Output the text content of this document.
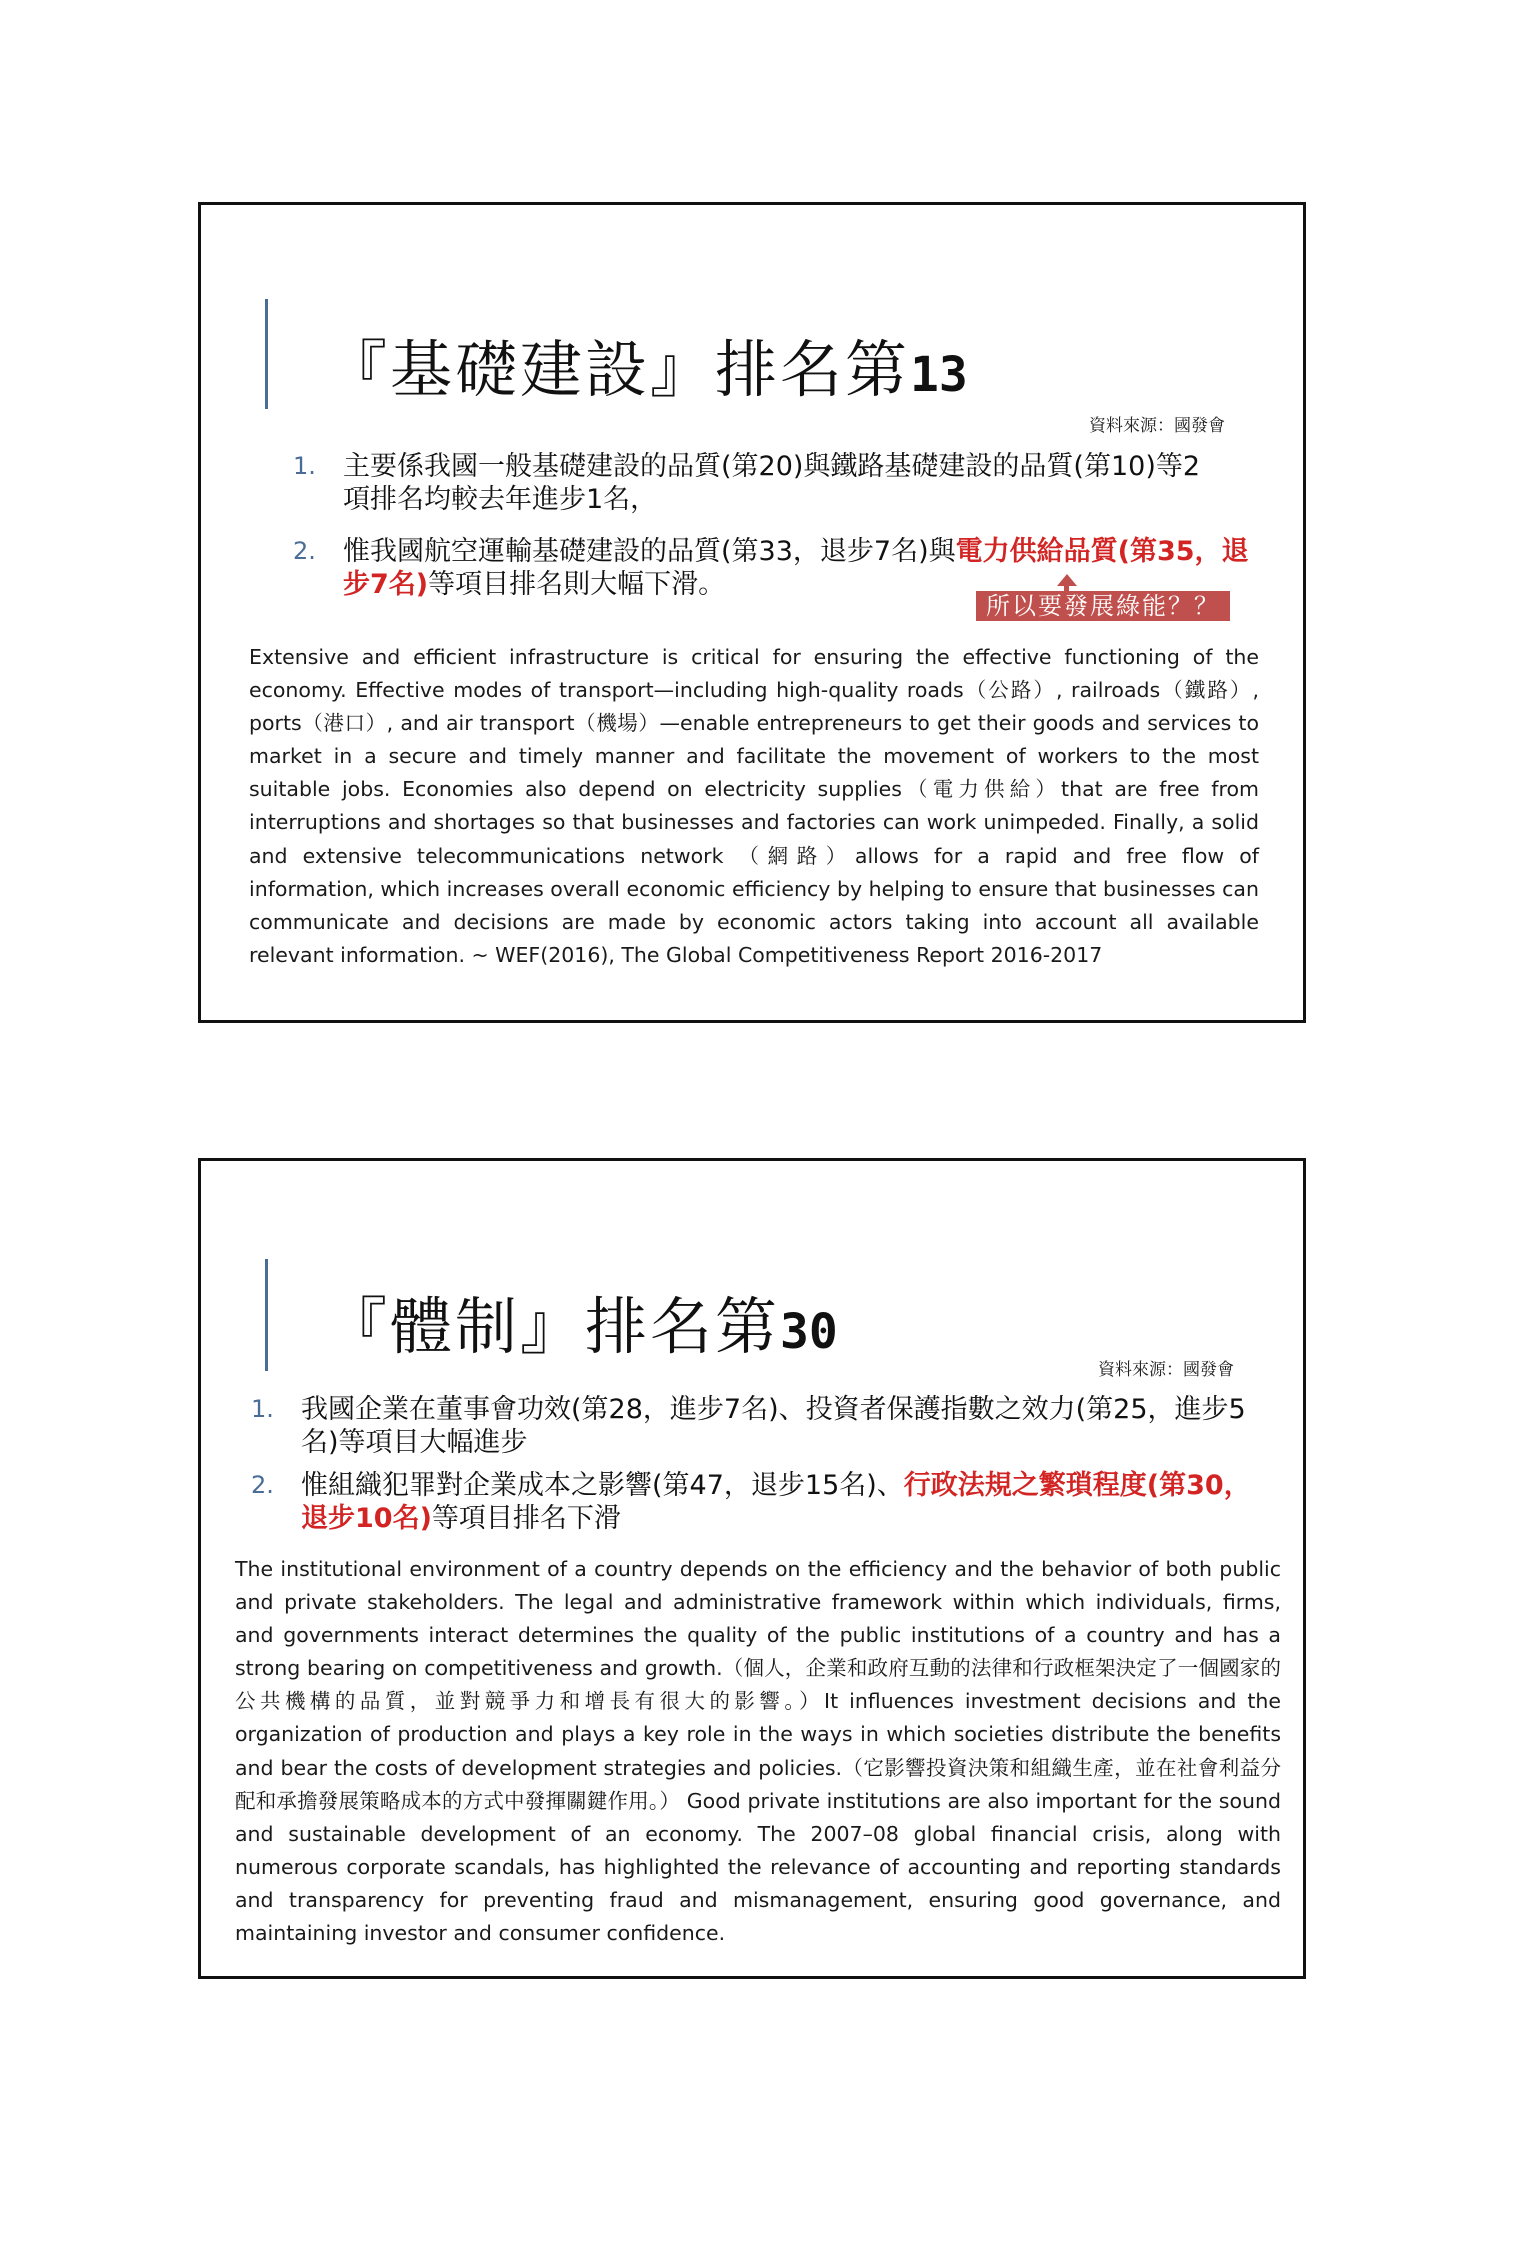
『基礎建設』排名第13
資料來源：國發會
1. 主要係我國一般基礎建設的品質(第20)與鐵路基礎建設的品質(第10)等2項排名均較去年進步1名，
2. 惟我國航空運輸基礎建設的品質(第33，退步7名)與電力供給品質(第35，退步7名)等項目排名則大幅下滑。
所以要發展綠能？？
Extensive and efficient infrastructure is critical for ensuring the effective functioning of the economy. Effective modes of transport—including high-quality roads（公路）, railroads（鐵路）, ports（港口）, and air transport（機場）—enable entrepreneurs to get their goods and services to market in a secure and timely manner and facilitate the movement of workers to the most suitable jobs. Economies also depend on electricity supplies（電力供給）that are free from interruptions and shortages so that businesses and factories can work unimpeded. Finally, a solid and extensive telecommunications network （網路）allows for a rapid and free flow of information, which increases overall economic efficiency by helping to ensure that businesses can communicate and decisions are made by economic actors taking into account all available relevant information. ~ WEF(2016), The Global Competitiveness Report 2016-2017
『體制』排名第30
資料來源：國發會
1. 我國企業在董事會功效(第28，進步7名)、投資者保護指數之效力(第25，進步5名)等項目大幅進步
2. 惟組織犯罪對企業成本之影響(第47，退步15名)、行政法規之繁瑣程度(第30，退步10名)等項目排名下滑
The institutional environment of a country depends on the efficiency and the behavior of both public and private stakeholders. The legal and administrative framework within which individuals, firms, and governments interact determines the quality of the public institutions of a country and has a strong bearing on competitiveness and growth.（個人，企業和政府互動的法律和行政框架決定了一個國家的公共機構的品質，並對競爭力和增長有很大的影響。）It influences investment decisions and the organization of production and plays a key role in the ways in which societies distribute the benefits and bear the costs of development strategies and policies.（它影響投資決策和組織生產，並在社會利益分配和承擔發展策略成本的方式中發揮關鍵作用。） Good private institutions are also important for the sound and sustainable development of an economy. The 2007–08 global financial crisis, along with numerous corporate scandals, has highlighted the relevance of accounting and reporting standards and transparency for preventing fraud and mismanagement, ensuring good governance, and maintaining investor and consumer confidence.
